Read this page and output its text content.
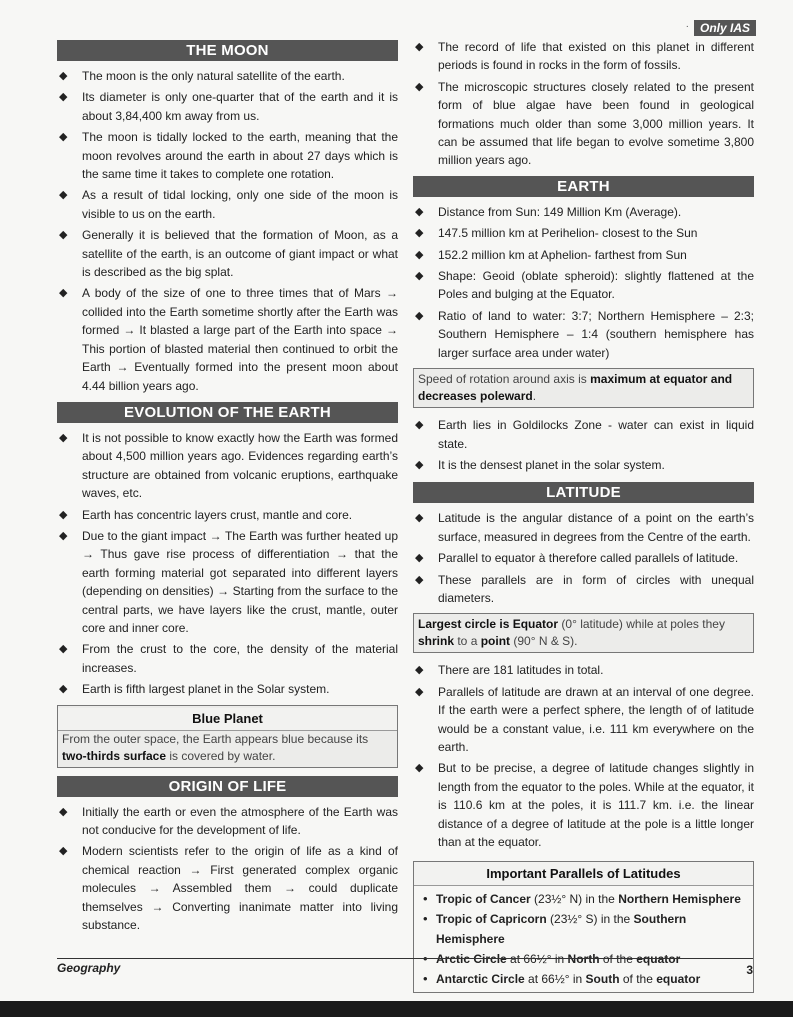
· Only IAS
THE MOON
◆ The moon is the only natural satellite of the earth.
◆ Its diameter is only one-quarter that of the earth and it is about 3,84,400 km away from us.
◆ The moon is tidally locked to the earth, meaning that the moon revolves around the earth in about 27 days which is the same time it takes to complete one rotation.
◆ As a result of tidal locking, only one side of the moon is visible to us on the earth.
◆ Generally it is believed that the formation of Moon, as a satellite of the earth, is an outcome of giant impact or what is described as the big splat.
◆ A body of the size of one to three times that of Mars → collided into the Earth sometime shortly after the Earth was formed → It blasted a large part of the Earth into space → This portion of blasted material then continued to orbit the Earth → Eventually formed into the present moon about 4.44 billion years ago.
EVOLUTION OF THE EARTH
◆ It is not possible to know exactly how the Earth was formed about 4,500 million years ago. Evidences regarding earth’s structure are obtained from volcanic eruptions, earthquake waves, etc.
◆ Earth has concentric layers crust, mantle and core.
◆ Due to the giant impact → The Earth was further heated up → Thus gave rise process of differentiation → that the earth forming material got separated into different layers (depending on densities) → Starting from the surface to the central parts, we have layers like the crust, mantle, outer core and inner core.
◆ From the crust to the core, the density of the material increases.
◆ Earth is fifth largest planet in the Solar system.
Blue Planet
From the outer space, the Earth appears blue because its two-thirds surface is covered by water.
ORIGIN OF LIFE
◆ Initially the earth or even the atmosphere of the Earth was not conducive for the development of life.
◆ Modern scientists refer to the origin of life as a kind of chemical reaction → First generated complex organic molecules → Assembled them → could duplicate themselves → Converting inanimate matter into living substance.
◆ The record of life that existed on this planet in different periods is found in rocks in the form of fossils.
◆ The microscopic structures closely related to the present form of blue algae have been found in geological formations much older than some 3,000 million years. It can be assumed that life began to evolve sometime 3,800 million years ago.
EARTH
◆ Distance from Sun: 149 Million Km (Average).
◆ 147.5 million km at Perihelion- closest to the Sun
◆ 152.2 million km at Aphelion- farthest from Sun
◆ Shape: Geoid (oblate spheroid): slightly flattened at the Poles and bulging at the Equator.
◆ Ratio of land to water: 3:7; Northern Hemisphere – 2:3; Southern Hemisphere – 1:4 (southern hemisphere has larger surface area under water)
Speed of rotation around axis is maximum at equator and decreases poleward.
◆ Earth lies in Goldilocks Zone - water can exist in liquid state.
◆ It is the densest planet in the solar system.
LATITUDE
◆ Latitude is the angular distance of a point on the earth’s surface, measured in degrees from the Centre of the earth.
◆ Parallel to equator à therefore called parallels of latitude.
◆ These parallels are in form of circles with unequal diameters.
Largest circle is Equator (0° latitude) while at poles they shrink to a point (90° N & S).
◆ There are 181 latitudes in total.
◆ Parallels of latitude are drawn at an interval of one degree. If the earth were a perfect sphere, the length of of latitude would be a constant value, i.e. 111 km everywhere on the earth.
◆ But to be precise, a degree of latitude changes slightly in length from the equator to the poles. While at the equator, it is 110.6 km at the poles, it is 111.7 km. i.e. the linear distance of a degree of latitude at the pole is a little longer than at the equator.
Important Parallels of Latitudes
• Tropic of Cancer (23½° N) in the Northern Hemisphere
• Tropic of Capricorn (23½° S) in the Southern Hemisphere
• Arctic Circle at 66½° in North of the equator
• Antarctic Circle at 66½° in South of the equator
Geography	3
